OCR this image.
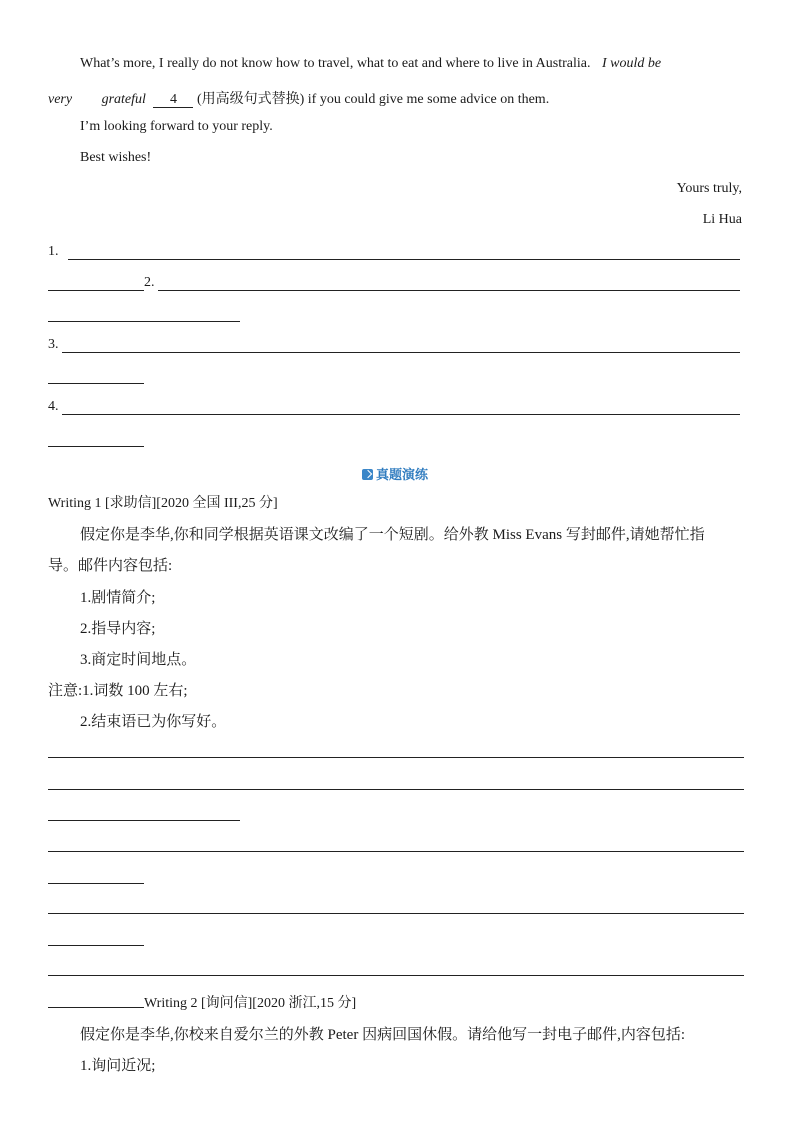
What’s more, I really do not know how to travel, what to eat and where to live in Australia. I would be
very grateful 4 (用高级句式替换) if you could give me some advice on them.
I’m looking forward to your reply.
Best wishes!
Yours truly,
Li Hua
1.
2.
3.
4.
真题演练
Writing 1 [求助信][2020 全国 III,25 分]
假定你是李华,你和同学根据英语课文改编了一个短剧。给外教 Miss Evans 写封邮件,请她帮忙指
导。邮件内容包括:
1.剧情简介;
2.指导内容;
3.商定时间地点。
注意:1.词数 100 左右;
2.结束语已为你写好。
Writing 2 [询问信][2020 浙江,15 分]
假定你是李华,你校来自爱尔兰的外教 Peter 因病回国休假。请给他写一封电子邮件,内容包括:
1.询问近况;
